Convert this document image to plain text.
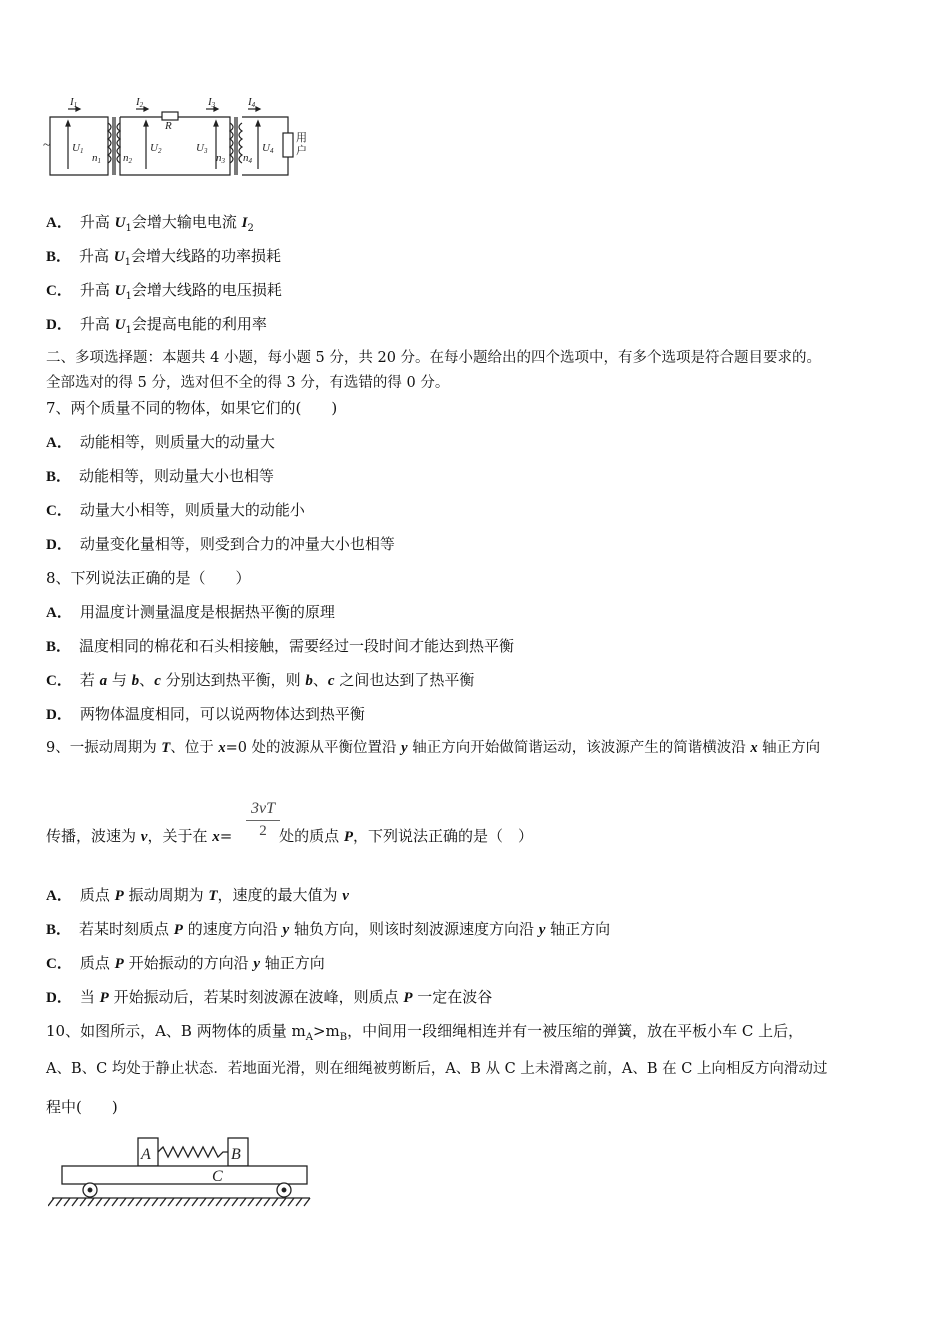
I1	I2	I3	I4
R
U1
n1 n2
U2	U3
n3 n4
U4
~	用
户
A． 升高 $U_1$会增大输电电流 $I_2$
B． 升高 $U_1$会增大线路的功率损耗
C． 升高 $U_1$会增大线路的电压损耗
D． 升高 $U_1$会提高电能的利用率
二、多项选择题：本题共 4 小题，每小题 5 分，共 20 分。在每小题给出的四个选项中，有多个选项是符合题目要求的。
全部选对的得 5 分，选对但不全的得 3 分，有选错的得 0 分。
7、两个质量不同的物体，如果它们的(　　)
A． 动能相等，则质量大的动量大
B． 动能相等，则动量大小也相等
C． 动量大小相等，则质量大的动能小
D． 动量变化量相等，则受到合力的冲量大小也相等
8、下列说法正确的是（　　）
A． 用温度计测量温度是根据热平衡的原理
B． 温度相同的棉花和石头相接触，需要经过一段时间才能达到热平衡
C． 若 a 与 b、c 分别达到热平衡，则 b、c 之间也达到了热平衡
D． 两物体温度相同，可以说两物体达到热平衡
9、一振动周期为 T、位于 x=0 处的波源从平衡位置沿 y 轴正方向开始做简谐运动，该波源产生的简谐横波沿 x 轴正方向
$\frac{3vT}{2}$
传播，波速为 v，关于在 x=	处的质点 P，下列说法正确的是（　）
A． 质点 P 振动周期为 T，速度的最大值为 v
B． 若某时刻质点 P 的速度方向沿 y 轴负方向，则该时刻波源速度方向沿 y 轴正方向
C． 质点 P 开始振动的方向沿 y 轴正方向
D． 当 P 开始振动后，若某时刻波源在波峰，则质点 P 一定在波谷
10、如图所示，A、B 两物体的质量 $m_A>m_B$，中间用一段细绳相连并有一被压缩的弹簧，放在平板小车 C 上后，
A、B、C 均处于静止状态．若地面光滑，则在细绳被剪断后，A、B 从 C 上未滑离之前，A、B 在 C 上向相反方向滑动过
程中(　　)
A	B
C
